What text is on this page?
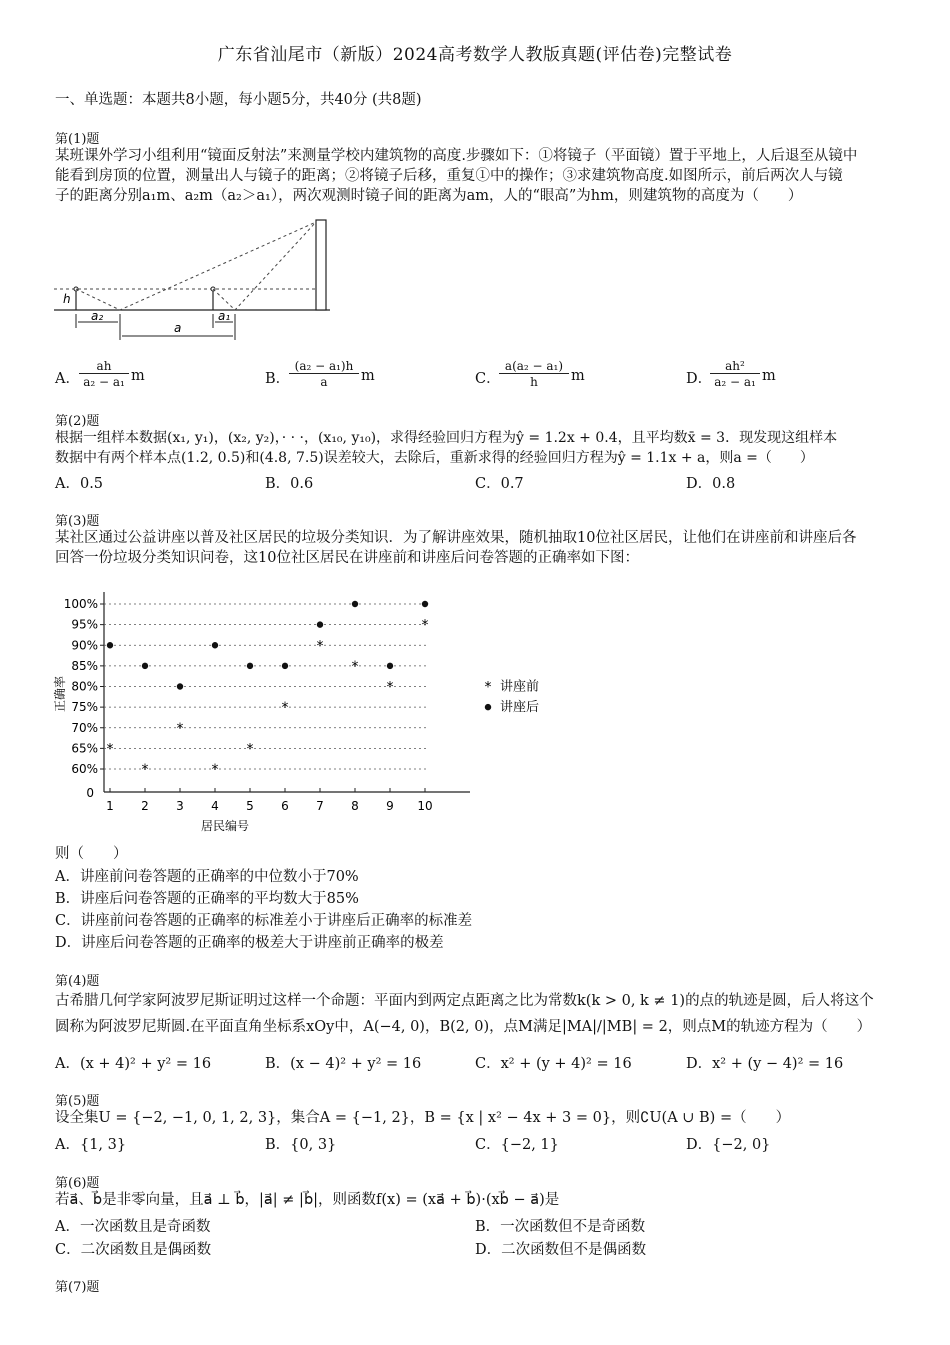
广东省汕尾市（新版）2024高考数学人教版真题(评估卷)完整试卷
一、单选题：本题共8小题，每小题5分，共40分 (共8题)
第(1)题
某班课外学习小组利用“镜面反射法”来测量学校内建筑物的高度.步骤如下：①将镜子（平面镜）置于平地上，人后退至从镜中
能看到房顶的位置，测量出人与镜子的距离；②将镜子后移，重复①中的操作；③求建筑物高度.如图所示，前后两次人与镜
子的距离分别a₁m、a₂m（a₂＞a₁），两次观测时镜子间的距离为am，人的“眼高”为hm，则建筑物的高度为（　　）
h
a₂
a
a₁
A．
ah
a₂ − a₁ m	B．
(a₂ − a₁)h
a	m	C．
a(a₂ − a₁)
h	m	D．
ah²
a₂ − a₁ m
第(2)题
根据一组样本数据(x₁, y₁)，(x₂, y₂)，· · ·，(x₁₀, y₁₀)，求得经验回归方程为ŷ = 1.2x + 0.4，且平均数x̄ = 3．现发现这组样本
数据中有两个样本点(1.2, 0.5)和(4.8, 7.5)误差较大，去除后，重新求得的经验回归方程为ŷ = 1.1x + a，则a =（　　）
A．0.5	B．0.6	C．0.7	D．0.8
第(3)题
某社区通过公益讲座以普及社区居民的垃圾分类知识．为了解讲座效果，随机抽取10位社区居民，让他们在讲座前和讲座后各
回答一份垃圾分类知识问卷，这10位社区居民在讲座前和讲座后问卷答题的正确率如下图：
0
100%
95%
90%
85%
80%
75%
70%
65%
60%
1 2 3 4 5 6 7 8 9 10
居民编号
正确率
*
*
*
*
*
*
*
*
*
*
* 讲座前
讲座后
则（　　）
A．讲座前问卷答题的正确率的中位数小于70%
B．讲座后问卷答题的正确率的平均数大于85%
C．讲座前问卷答题的正确率的标准差小于讲座后正确率的标准差
D．讲座后问卷答题的正确率的极差大于讲座前正确率的极差
第(4)题
古希腊几何学家阿波罗尼斯证明过这样一个命题：平面内到两定点距离之比为常数k(k > 0, k ≠ 1)的点的轨迹是圆，后人将这个
圆称为阿波罗尼斯圆.在平面直角坐标系xOy中，A(−4, 0)，B(2, 0)，点M满足|MA|/|MB| = 2，则点M的轨迹方程为（　　）
A．(x + 4)² + y² = 16	B．(x − 4)² + y² = 16	C．x² + (y + 4)² = 16	D．x² + (y − 4)² = 16
第(5)题
设全集U = {−2, −1, 0, 1, 2, 3}，集合A = {−1, 2}，B = {x | x² − 4x + 3 = 0}，则∁U(A ∪ B) =（　　）
A．{1, 3}	B．{0, 3}	C．{−2, 1}	D．{−2, 0}
第(6)题
若a⃗、b⃗是非零向量，且a⃗ ⊥ b⃗，|a⃗| ≠ |b⃗|，则函数f(x) = (xa⃗ + b⃗)·(xb⃗ − a⃗)是
A．一次函数且是奇函数	B．一次函数但不是奇函数
C．二次函数且是偶函数	D．二次函数但不是偶函数
第(7)题
